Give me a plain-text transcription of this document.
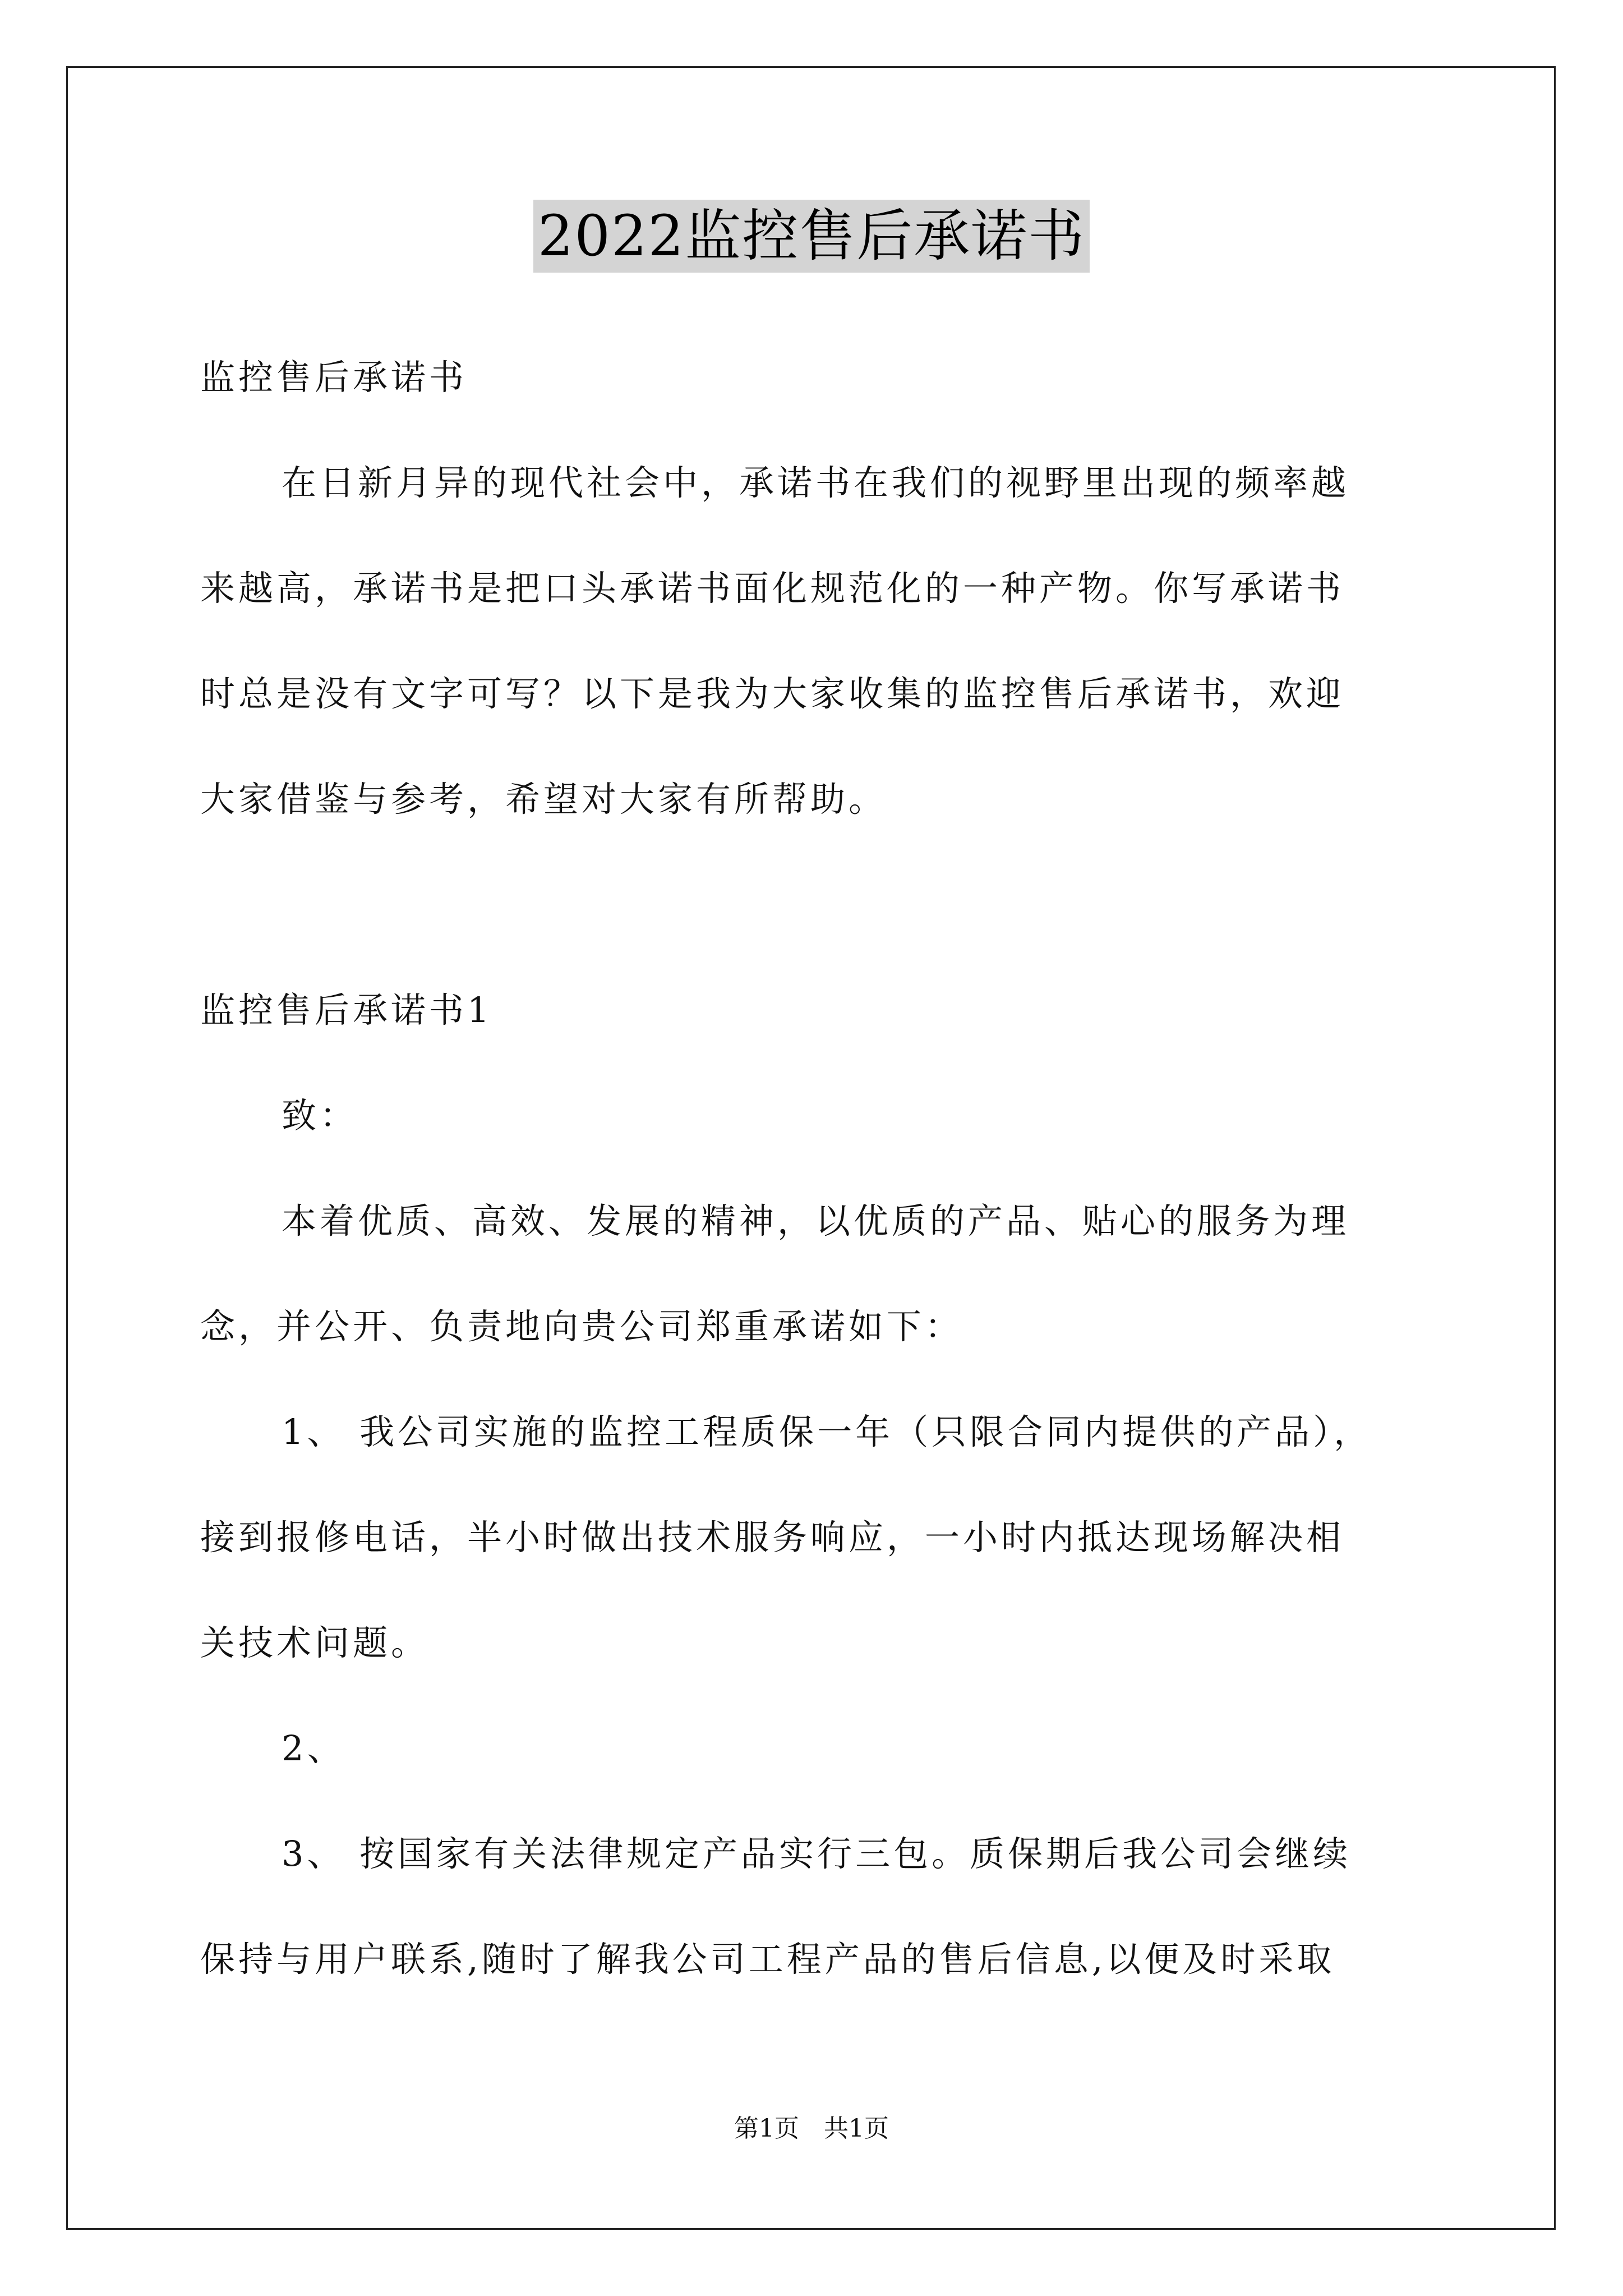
2022监控售后承诺书
监控售后承诺书
在日新月异的现代社会中，承诺书在我们的视野里出现的频率越
来越高，承诺书是把口头承诺书面化规范化的一种产物。你写承诺书
时总是没有文字可写？以下是我为大家收集的监控售后承诺书，欢迎
大家借鉴与参考，希望对大家有所帮助。
监控售后承诺书1
致：
本着优质、高效、发展的精神，以优质的产品、贴心的服务为理
念，并公开、负责地向贵公司郑重承诺如下：
1、 我公司实施的监控工程质保一年（只限合同内提供的产品），
接到报修电话，半小时做出技术服务响应，一小时内抵达现场解决相
关技术问题。
2、
3、 按国家有关法律规定产品实行三包。质保期后我公司会继续
保持与用户联系,随时了解我公司工程产品的售后信息,以便及时采取
第1页　共1页
